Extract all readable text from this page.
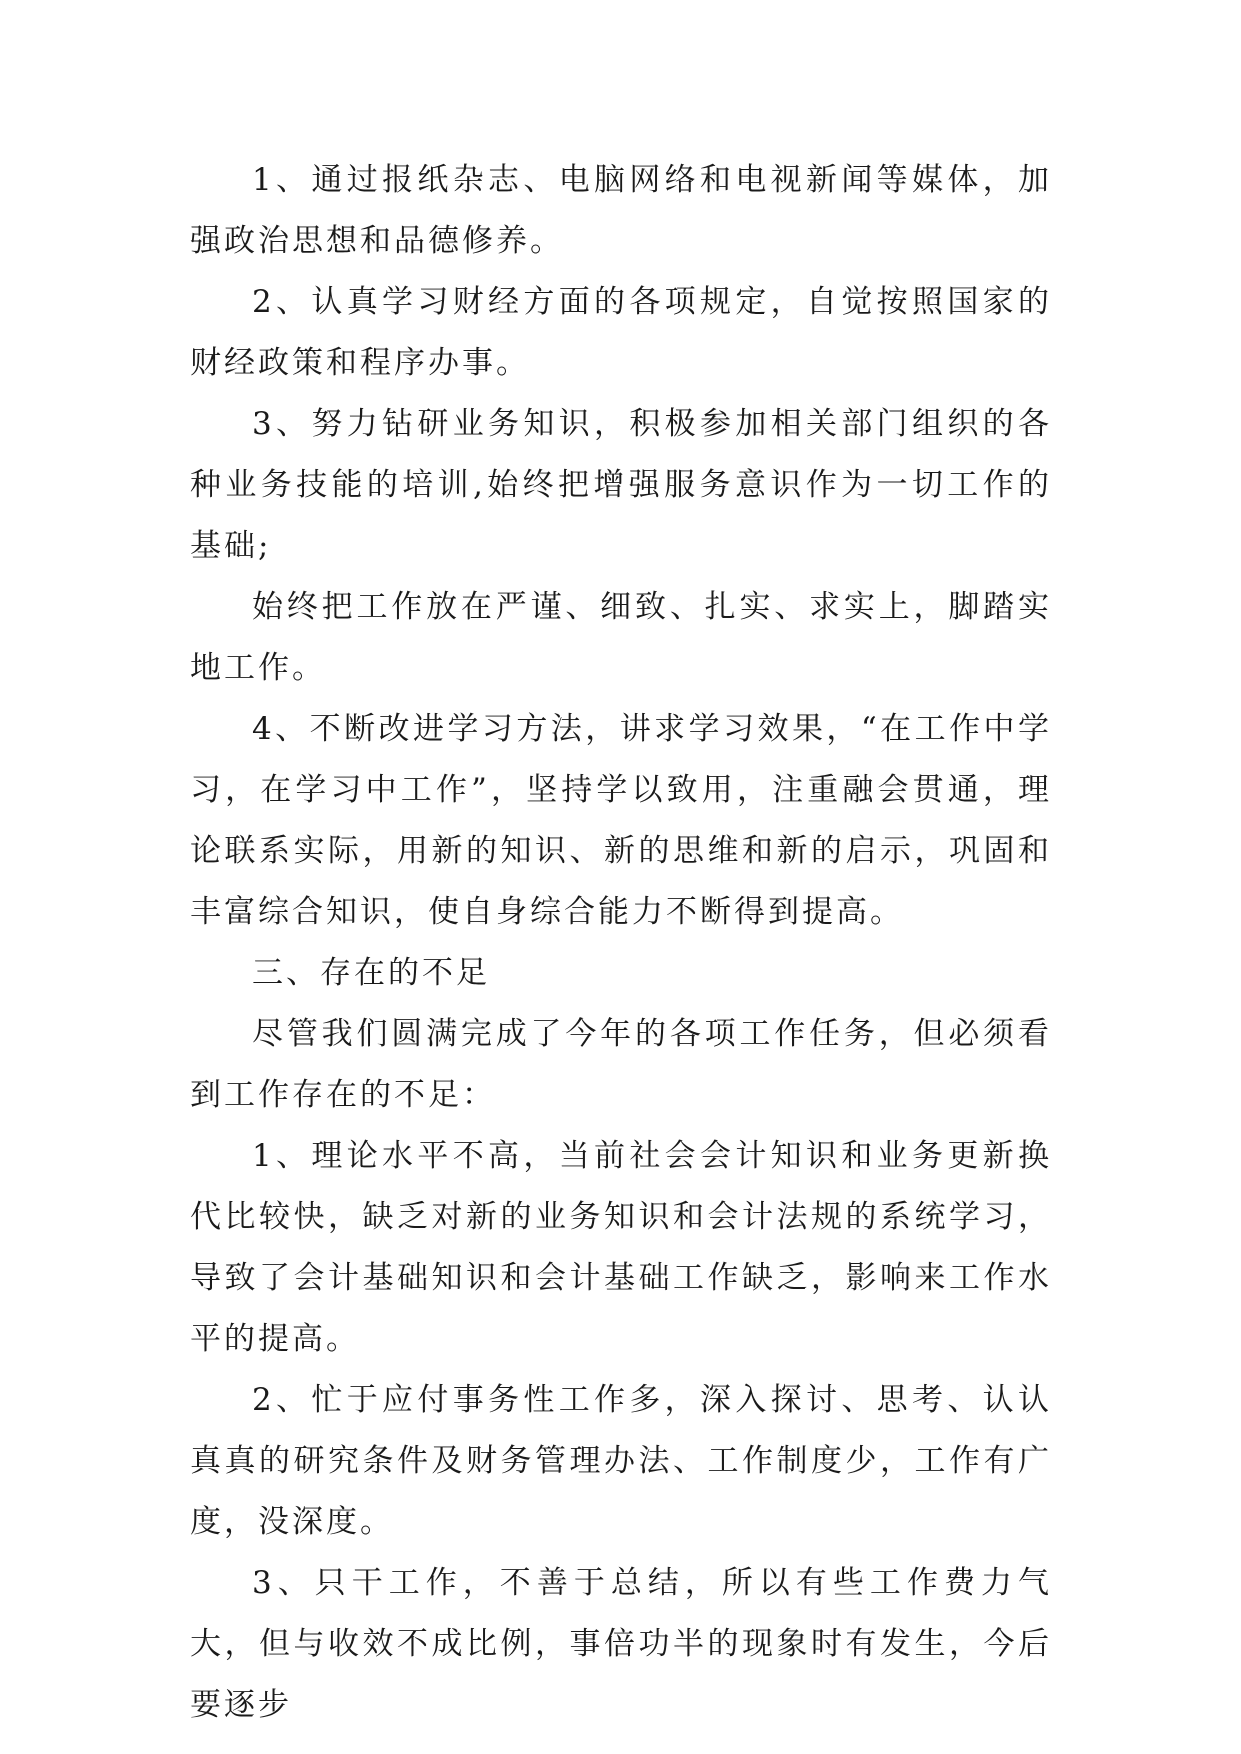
1、通过报纸杂志、电脑网络和电视新闻等媒体，加强政治思想和品德修养。

2、认真学习财经方面的各项规定，自觉按照国家的财经政策和程序办事。

3、努力钻研业务知识，积极参加相关部门组织的各种业务技能的培训,始终把增强服务意识作为一切工作的基础;

始终把工作放在严谨、细致、扎实、求实上，脚踏实地工作。

4、不断改进学习方法，讲求学习效果，“在工作中学习，在学习中工作”，坚持学以致用，注重融会贯通，理论联系实际，用新的知识、新的思维和新的启示，巩固和丰富综合知识，使自身综合能力不断得到提高。

三、存在的不足

尽管我们圆满完成了今年的各项工作任务，但必须看到工作存在的不足：

1、理论水平不高，当前社会会计知识和业务更新换代比较快，缺乏对新的业务知识和会计法规的系统学习，导致了会计基础知识和会计基础工作缺乏，影响来工作水平的提高。

2、忙于应付事务性工作多，深入探讨、思考、认认真真的研究条件及财务管理办法、工作制度少，工作有广度，没深度。

3、只干工作，不善于总结，所以有些工作费力气大，但与收效不成比例，事倍功半的现象时有发生，今后要逐步
